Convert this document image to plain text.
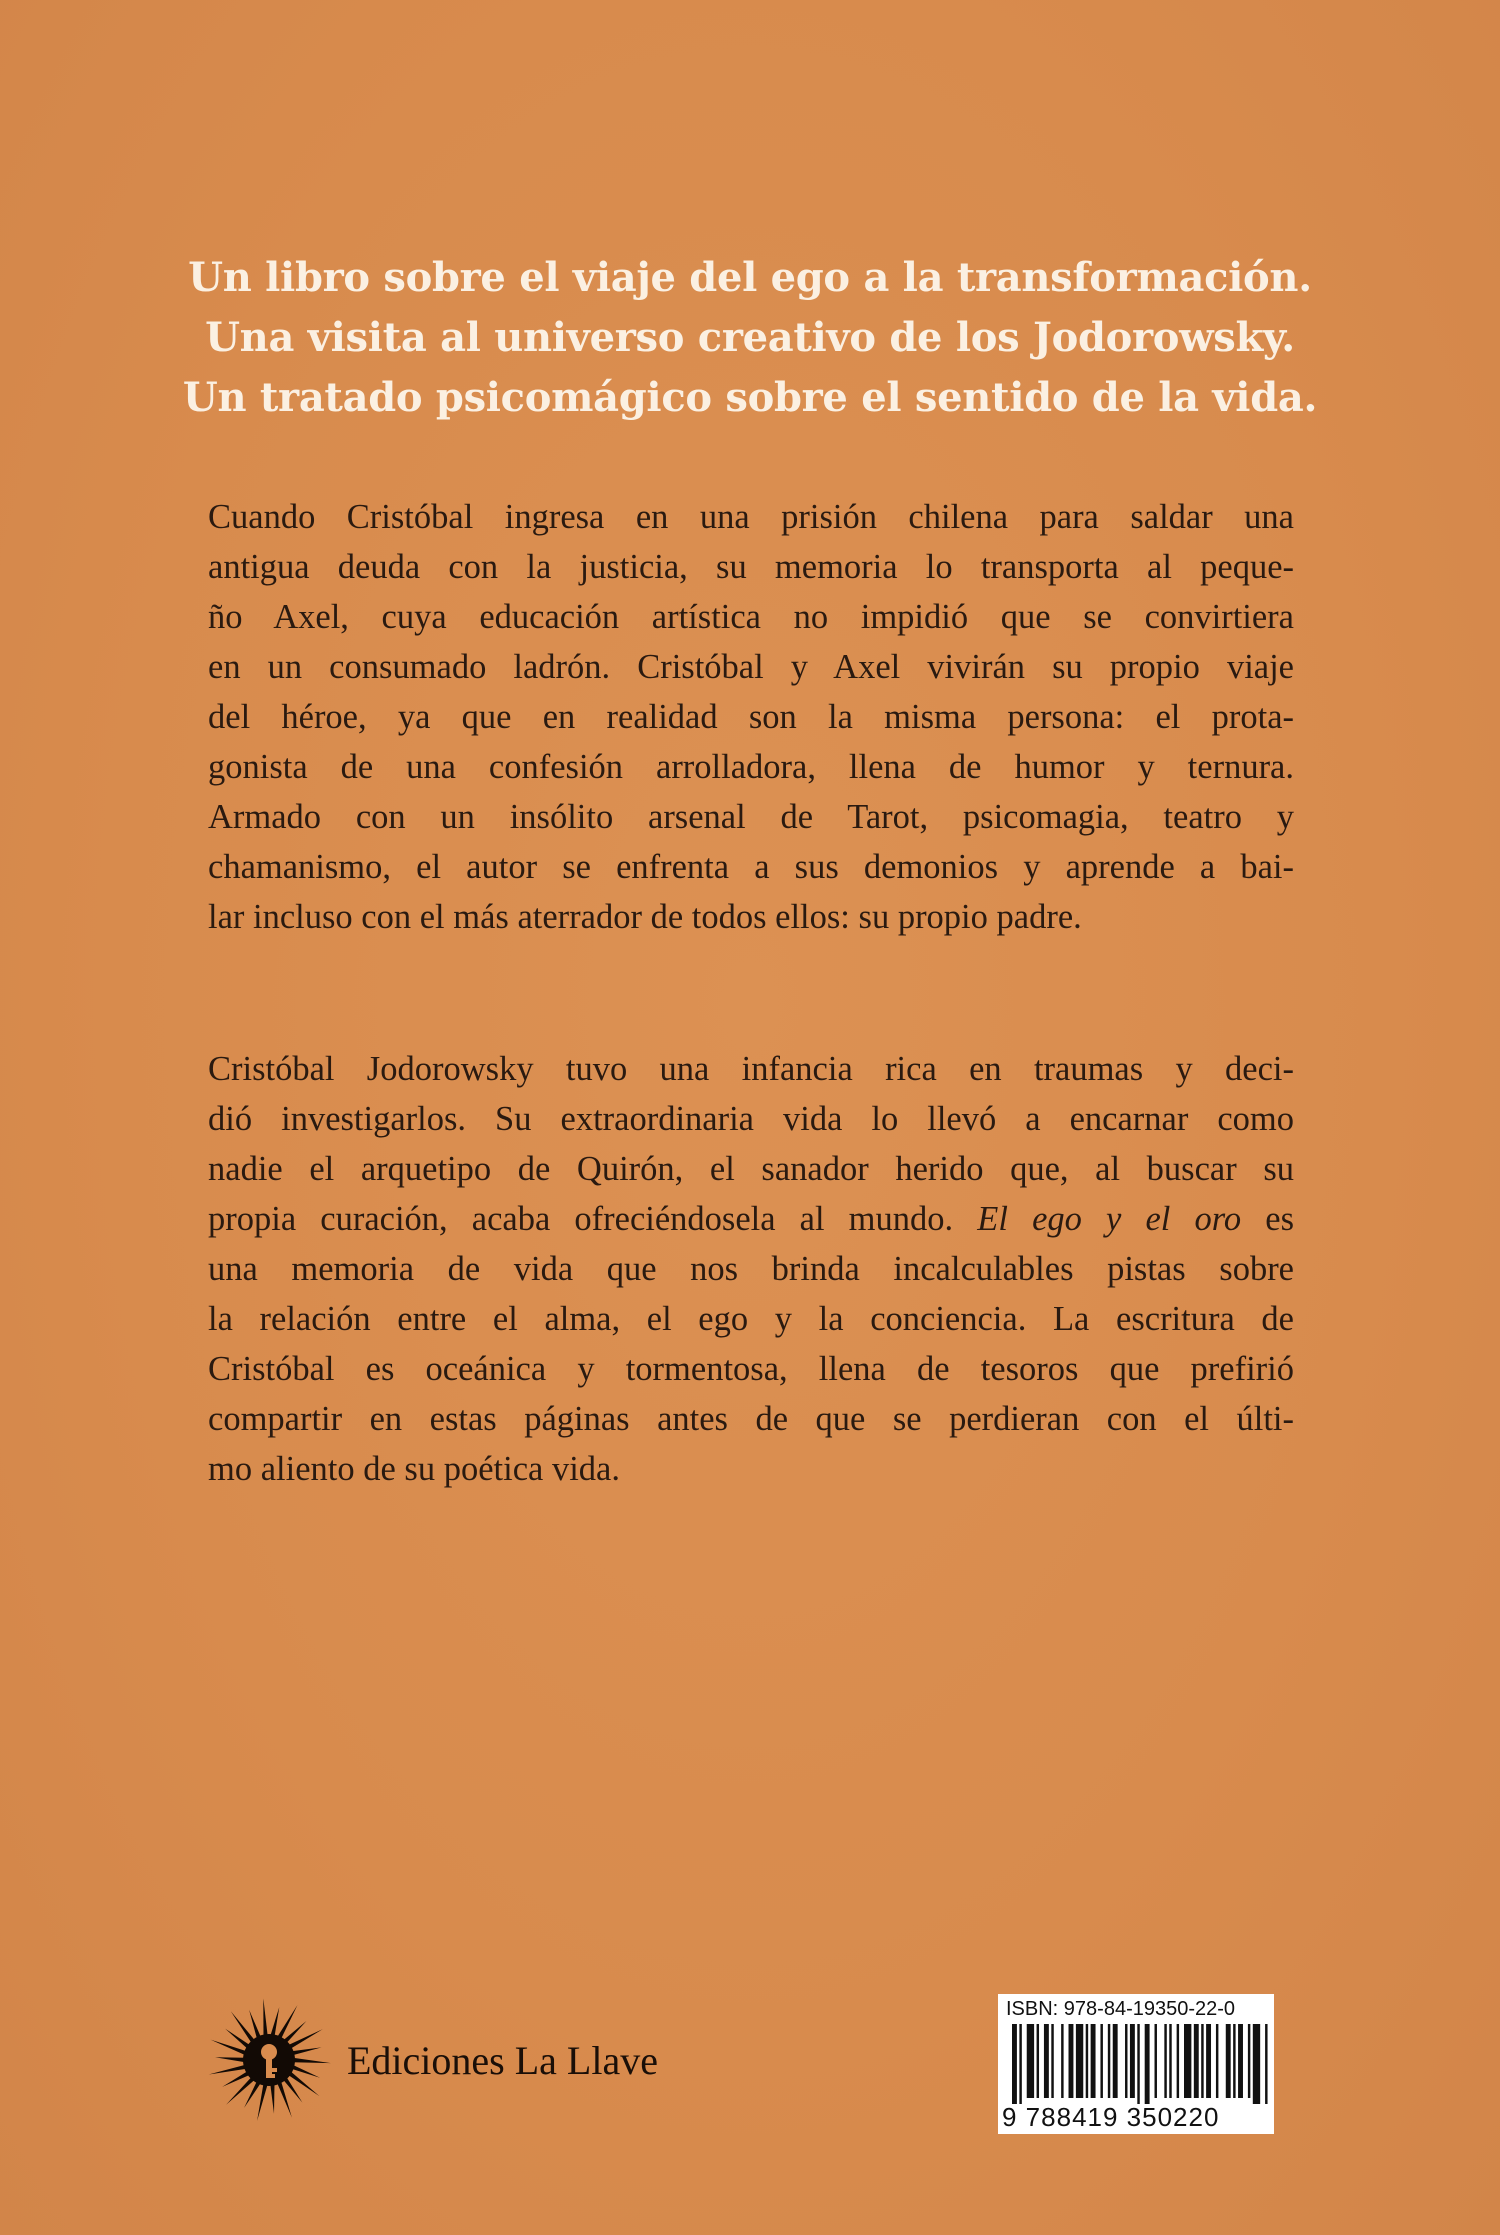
Un libro sobre el viaje del ego a la transformación.
Una visita al universo creativo de los Jodorowsky.
Un tratado psicomágico sobre el sentido de la vida.
Cuando Cristóbal ingresa en una prisión chilena para saldar una
antigua deuda con la justicia, su memoria lo transporta al peque-
ño Axel, cuya educación artística no impidió que se convirtiera
en un consumado ladrón. Cristóbal y Axel vivirán su propio viaje
del héroe, ya que en realidad son la misma persona: el prota-
gonista de una confesión arrolladora, llena de humor y ternura.
Armado con un insólito arsenal de Tarot, psicomagia, teatro y
chamanismo, el autor se enfrenta a sus demonios y aprende a bai-
lar incluso con el más aterrador de todos ellos: su propio padre.
Cristóbal Jodorowsky tuvo una infancia rica en traumas y deci-
dió investigarlos. Su extraordinaria vida lo llevó a encarnar como
nadie el arquetipo de Quirón, el sanador herido que, al buscar su
propia curación, acaba ofreciéndosela al mundo. El ego y el oro es
una memoria de vida que nos brinda incalculables pistas sobre
la relación entre el alma, el ego y la conciencia. La escritura de
Cristóbal es oceánica y tormentosa, llena de tesoros que prefirió
compartir en estas páginas antes de que se perdieran con el últi-
mo aliento de su poética vida.
Ediciones La Llave
ISBN: 978-84-19350-22-0
9 788419 350220
